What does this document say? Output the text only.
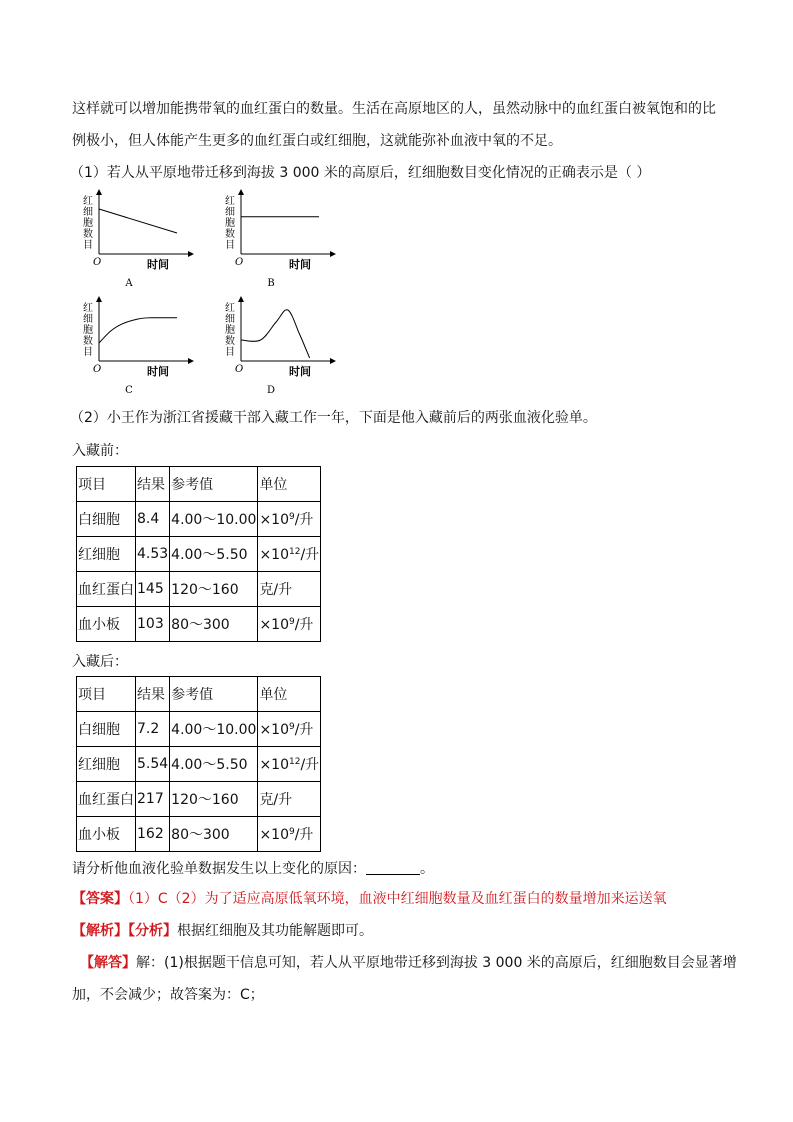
这样就可以增加能携带氧的血红蛋白的数量。生活在高原地区的人，虽然动脉中的血红蛋白被氧饱和的比
例极小，但人体能产生更多的血红蛋白或红细胞，这就能弥补血液中氧的不足。
（1）若人从平原地带迁移到海拔 3 000 米的高原后，红细胞数目变化情况的正确表示是（ ）
红
细
胞
数
目
O	时间
A
红
细
胞
数
目
O	时间
B
红
细
胞
数
目
O	时间
C
红
细
胞
数
目
O	时间
D
（2）小王作为浙江省援藏干部入藏工作一年，下面是他入藏前后的两张血液化验单。
入藏前：
项目	结果	参考值	单位
白细胞	8.4	4.00～10.00	$\times 10^9/$升
红细胞	4.53	4.00～5.50	$\times 10^{12}/$升
血红蛋白	145	120～160	克/升
血小板	103	80～300	$\times 10^9/$升
入藏后：
项目	结果	参考值	单位
白细胞	7.2	4.00～10.00	$\times 10^9/$升
红细胞	5.54	4.00～5.50	$\times 10^{12}/$升
血红蛋白	217	120～160	克/升
血小板	162	80～300	$\times 10^9/$升
请分析他血液化验单数据发生以上变化的原因：	。
【答案】（1）C（2）为了适应高原低氧环境，血液中红细胞数量及血红蛋白的数量增加来运送氧
【解析】【分析】根据红细胞及其功能解题即可。
【解答】解：(1)根据题干信息可知，若人从平原地带迁移到海拔 3 000 米的高原后，红细胞数目会显著增
加，不会减少；故答案为：C；
